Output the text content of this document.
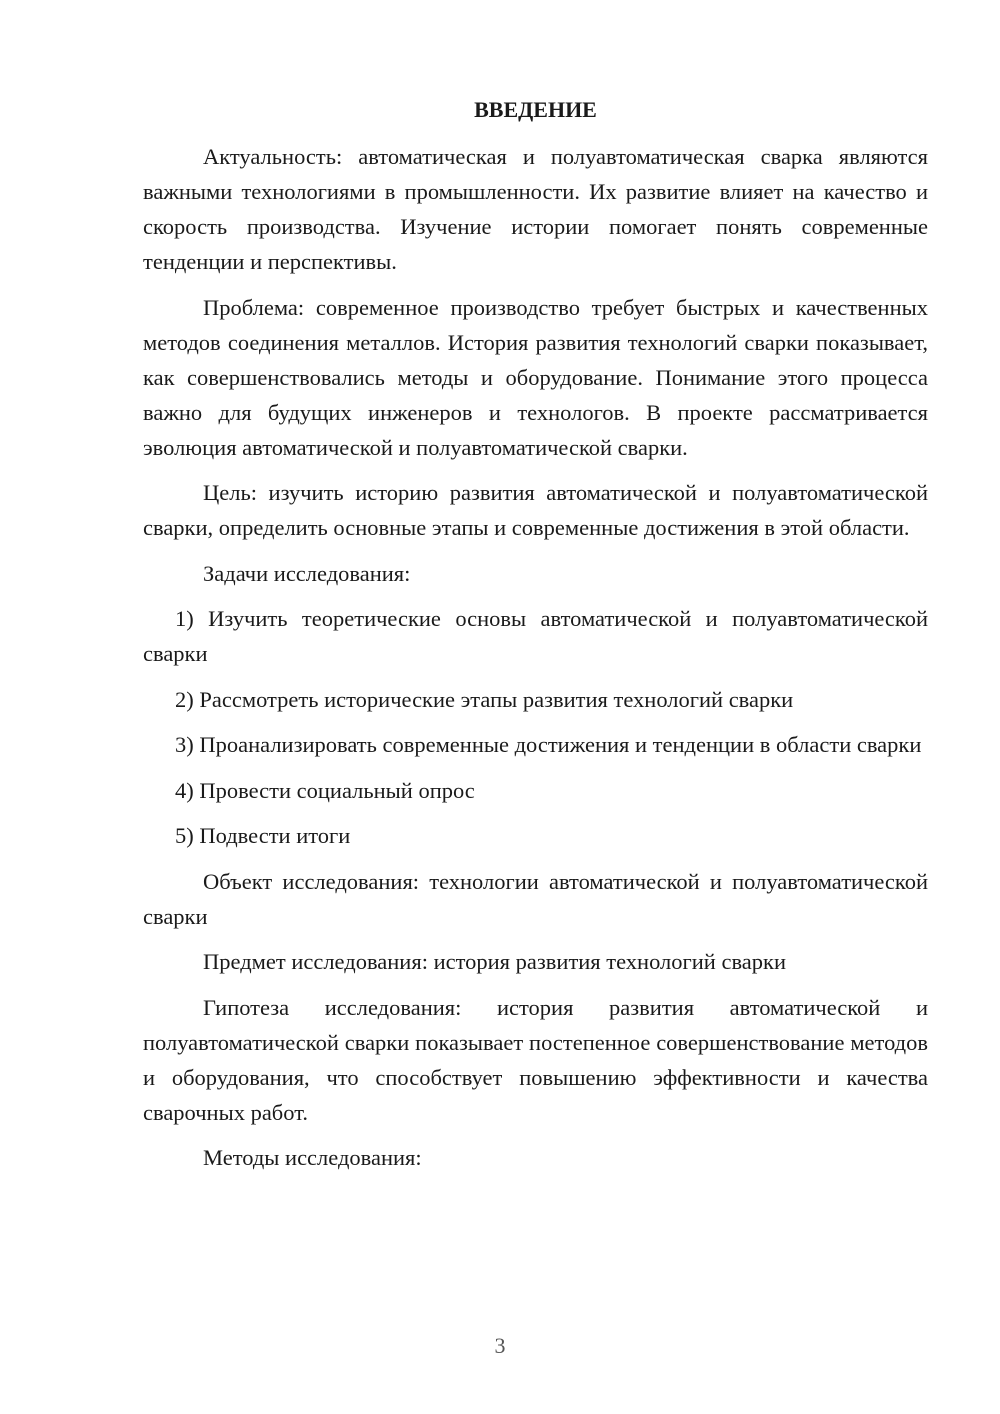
ВВЕДЕНИЕ

Актуальность: автоматическая и полуавтоматическая сварка являются важными технологиями в промышленности. Их развитие влияет на качество и скорость производства. Изучение истории помогает понять современные тенденции и перспективы.

Проблема: современное производство требует быстрых и качественных методов соединения металлов. История развития технологий сварки показывает, как совершенствовались методы и оборудование. Понимание этого процесса важно для будущих инженеров и технологов. В проекте рассматривается эволюция автоматической и полуавтоматической сварки.

Цель: изучить историю развития автоматической и полуавтоматической сварки, определить основные этапы и современные достижения в этой области.

Задачи исследования:

1) Изучить теоретические основы автоматической и полуавтоматической сварки

2) Рассмотреть исторические этапы развития технологий сварки

3) Проанализировать современные достижения и тенденции в области сварки

4) Провести социальный опрос

5) Подвести итоги

Объект исследования: технологии автоматической и полуавтоматической сварки

Предмет исследования: история развития технологий сварки

Гипотеза исследования: история развития автоматической и полуавтоматической сварки показывает постепенное совершенствование методов и оборудования, что способствует повышению эффективности и качества сварочных работ.

Методы исследования:

3
